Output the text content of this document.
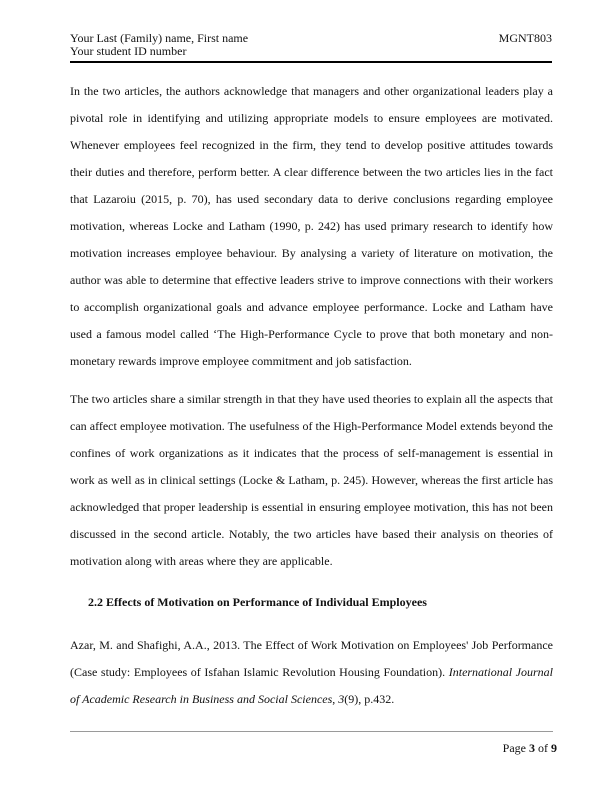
Your Last (Family) name, First name	MGNT803
Your student ID number

In the two articles, the authors acknowledge that managers and other organizational leaders play a pivotal role in identifying and utilizing appropriate models to ensure employees are motivated. Whenever employees feel recognized in the firm, they tend to develop positive attitudes towards their duties and therefore, perform better. A clear difference between the two articles lies in the fact that Lazaroiu (2015, p. 70), has used secondary data to derive conclusions regarding employee motivation, whereas Locke and Latham (1990, p. 242) has used primary research to identify how motivation increases employee behaviour. By analysing a variety of literature on motivation, the author was able to determine that effective leaders strive to improve connections with their workers to accomplish organizational goals and advance employee performance. Locke and Latham have used a famous model called ‘The High-Performance Cycle to prove that both monetary and non-monetary rewards improve employee commitment and job satisfaction.

The two articles share a similar strength in that they have used theories to explain all the aspects that can affect employee motivation. The usefulness of the High-Performance Model extends beyond the confines of work organizations as it indicates that the process of self-management is essential in work as well as in clinical settings (Locke & Latham, p. 245). However, whereas the first article has acknowledged that proper leadership is essential in ensuring employee motivation, this has not been discussed in the second article. Notably, the two articles have based their analysis on theories of motivation along with areas where they are applicable.

2.2 Effects of Motivation on Performance of Individual Employees

Azar, M. and Shafighi, A.A., 2013. The Effect of Work Motivation on Employees' Job Performance (Case study: Employees of Isfahan Islamic Revolution Housing Foundation). International Journal of Academic Research in Business and Social Sciences, 3(9), p.432.

Page 3 of 9
